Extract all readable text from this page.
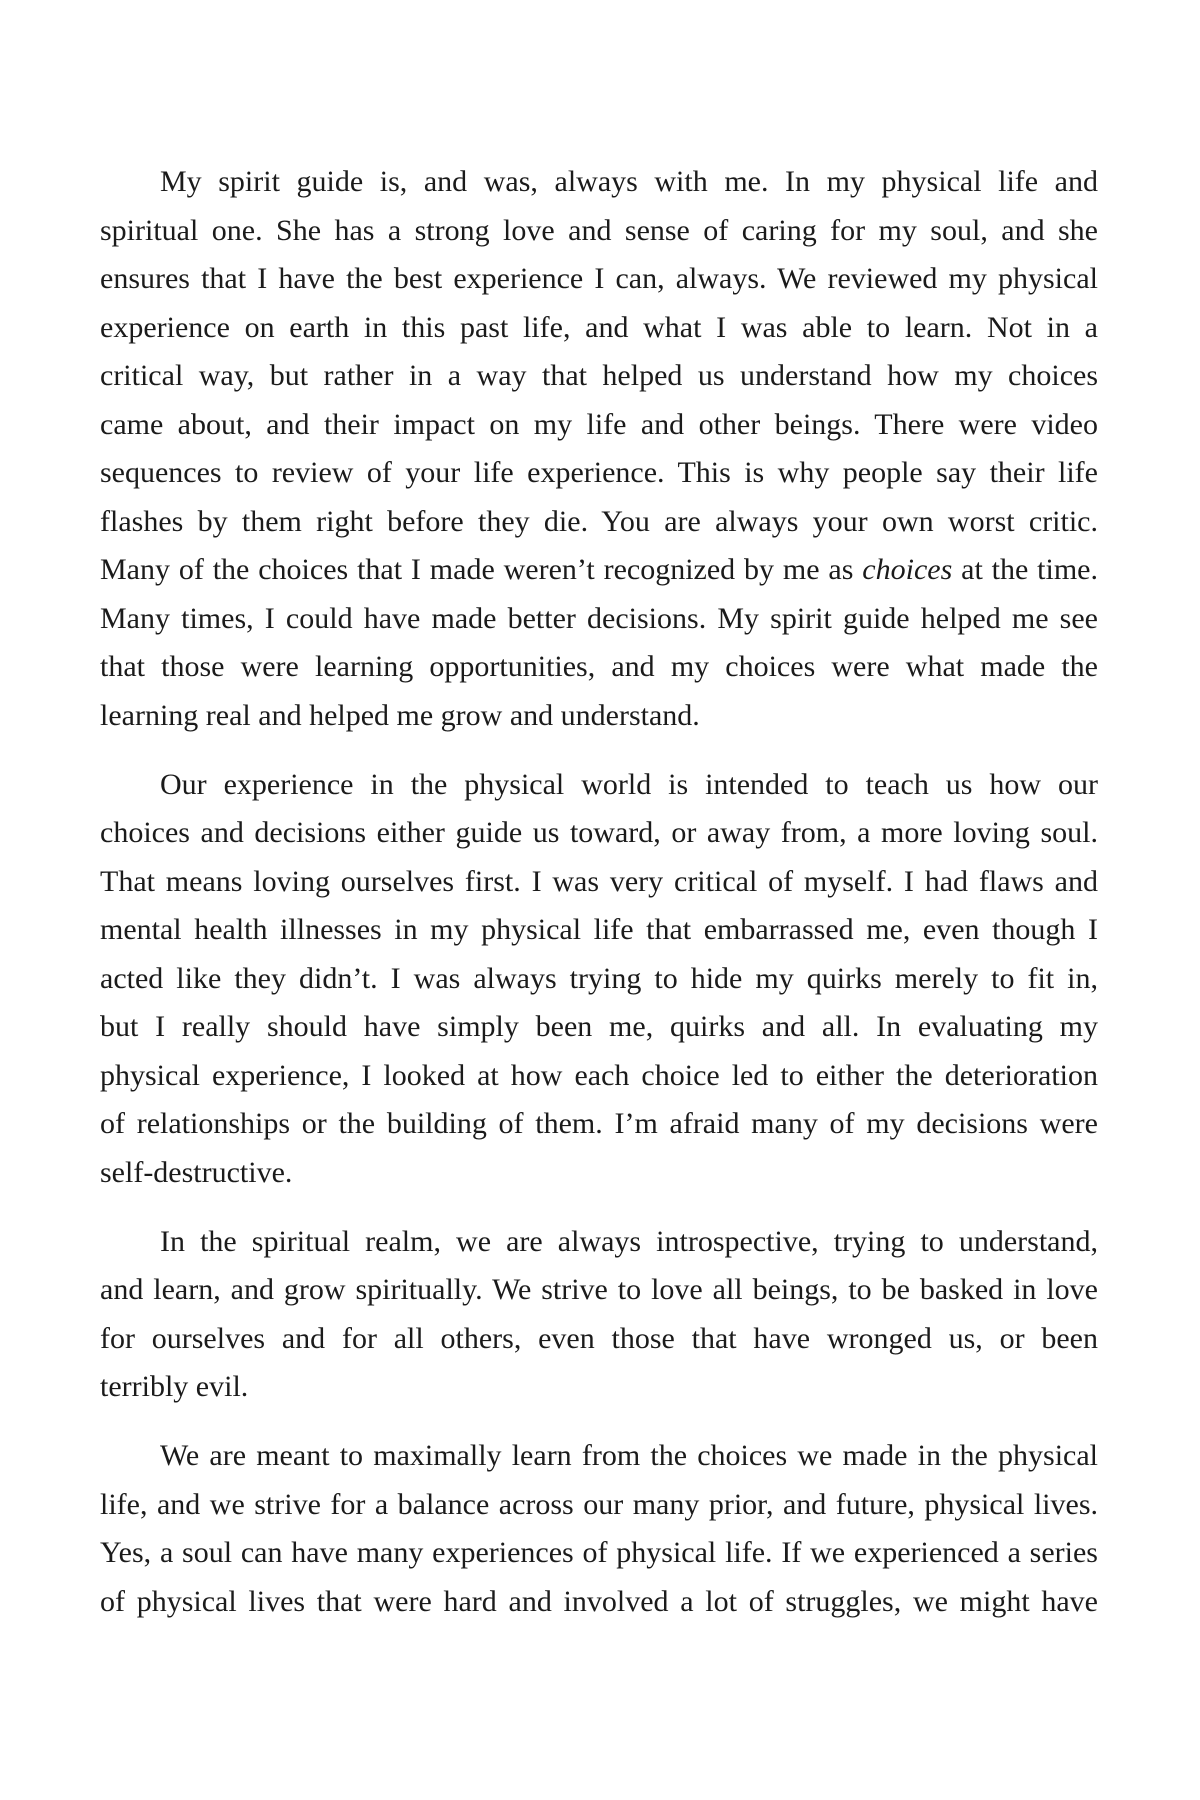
My spirit guide is, and was, always with me. In my physical life and
spiritual one. She has a strong love and sense of caring for my soul, and she
ensures that I have the best experience I can, always. We reviewed my physical
experience on earth in this past life, and what I was able to learn. Not in a
critical way, but rather in a way that helped us understand how my choices
came about, and their impact on my life and other beings. There were video
sequences to review of your life experience. This is why people say their life
flashes by them right before they die. You are always your own worst critic.
Many of the choices that I made weren’t recognized by me as choices at the time.
Many times, I could have made better decisions. My spirit guide helped me see
that those were learning opportunities, and my choices were what made the
learning real and helped me grow and understand.
Our experience in the physical world is intended to teach us how our
choices and decisions either guide us toward, or away from, a more loving soul.
That means loving ourselves first. I was very critical of myself. I had flaws and
mental health illnesses in my physical life that embarrassed me, even though I
acted like they didn’t. I was always trying to hide my quirks merely to fit in,
but I really should have simply been me, quirks and all. In evaluating my
physical experience, I looked at how each choice led to either the deterioration
of relationships or the building of them. I’m afraid many of my decisions were
self-destructive.
In the spiritual realm, we are always introspective, trying to understand,
and learn, and grow spiritually. We strive to love all beings, to be basked in love
for ourselves and for all others, even those that have wronged us, or been
terribly evil.
We are meant to maximally learn from the choices we made in the physical
life, and we strive for a balance across our many prior, and future, physical lives.
Yes, a soul can have many experiences of physical life. If we experienced a series
of physical lives that were hard and involved a lot of struggles, we might have
